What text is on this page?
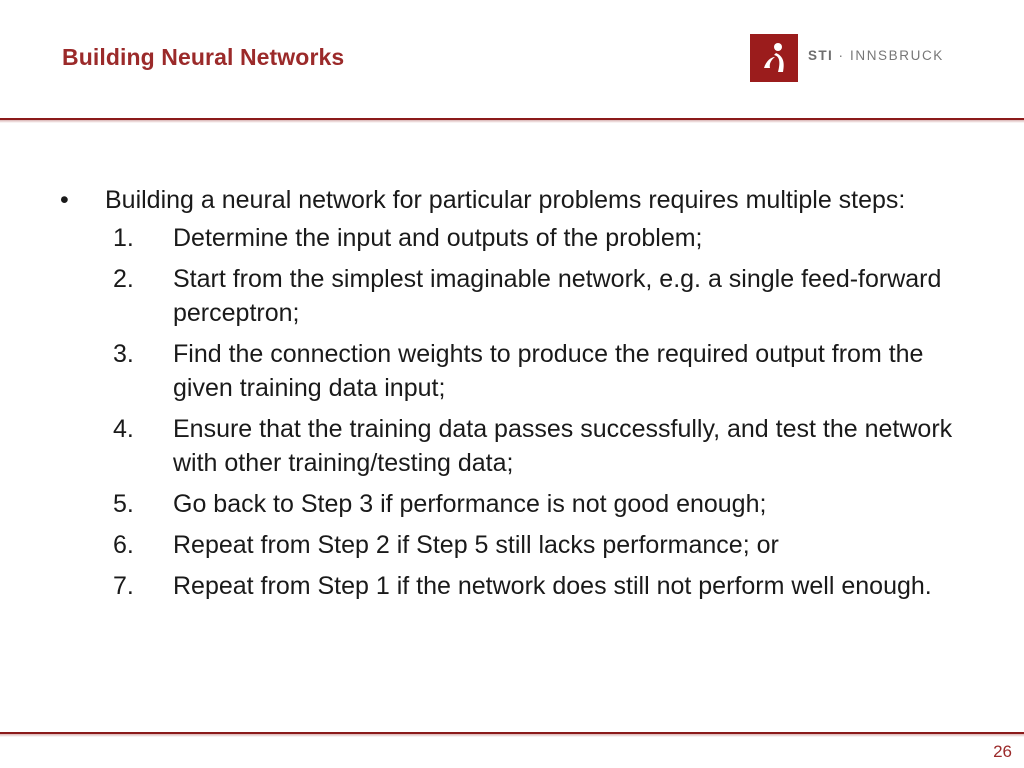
Building Neural Networks	STI · INNSBRUCK
•	Building a neural network for particular problems requires multiple steps:
1. Determine the input and outputs of the problem;
2. Start from the simplest imaginable network, e.g. a single feed-forward perceptron;
3. Find the connection weights to produce the required output from the given training data input;
4. Ensure that the training data passes successfully, and test the network with other training/testing data;
5. Go back to Step 3 if performance is not good enough;
6. Repeat from Step 2 if Step 5 still lacks performance; or
7. Repeat from Step 1 if the network does still not perform well enough.
26
